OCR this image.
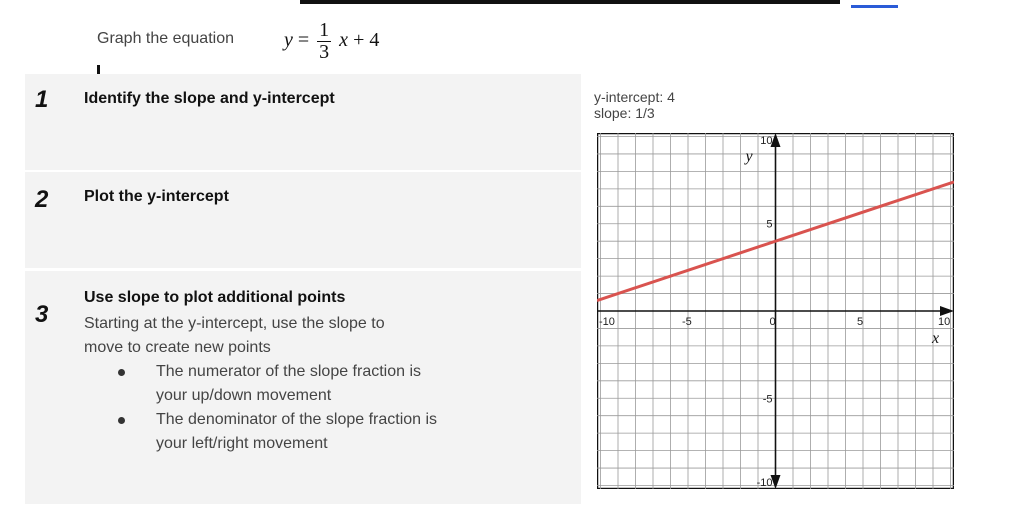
Graph the equation	$y = \frac{1}{3}$ x + 4
1 Identify the slope and y-intercept
2 Plot the y-intercept
3
Use slope to plot additional points
Starting at the y-intercept, use the slope to move to create new points
The numerator of the slope fraction is
your up/down movement
The denominator of the slope fraction is
your left/right movement
y-intercept: 4
slope: 1/3
-10	-5	0	5	10
10
5
-5
-10
x
y
